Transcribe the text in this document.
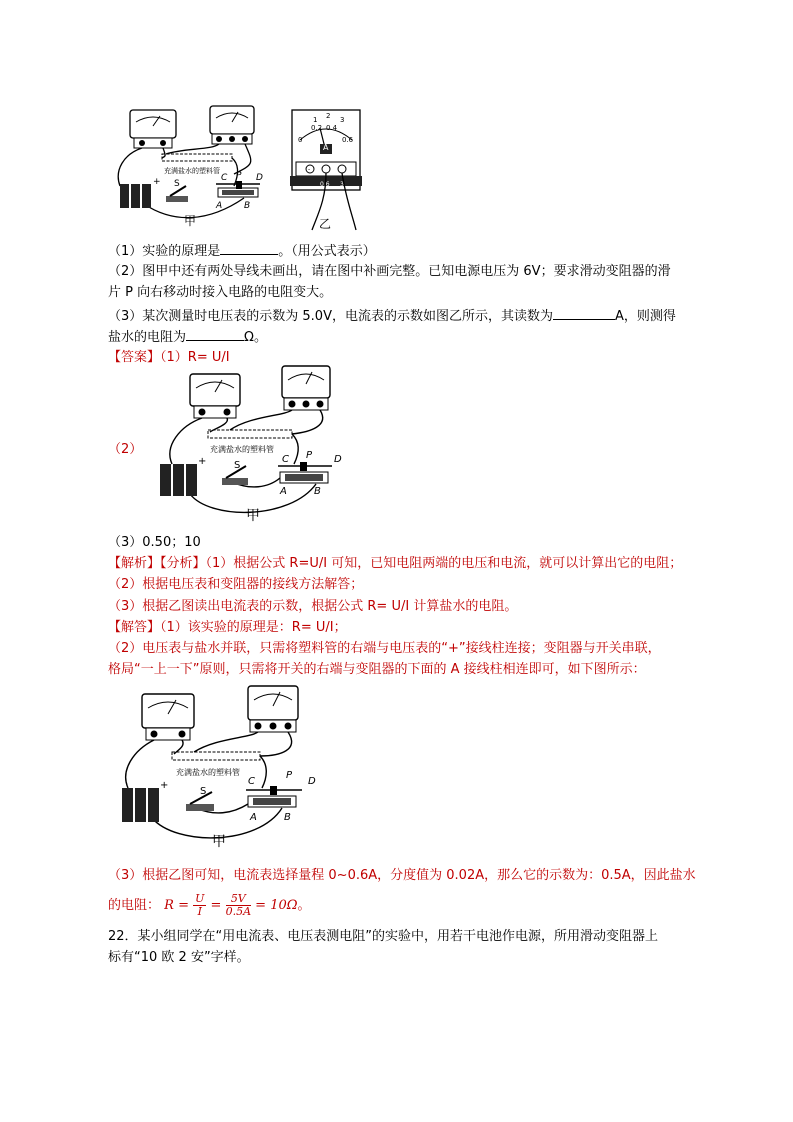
充满盐水的塑料管
+ S
P
C	D
A B
甲
0
0.2 0.4
0.6
1 2 3
A
-
0.6 3
乙
（1）实验的原理是	。（用公式表示）
（2）图甲中还有两处导线未画出，请在图中补画完整。已知电源电压为 6V；要求滑动变阻器的滑
片 P 向右移动时接入电路的电阻变大。
（3）某次测量时电压表的示数为 5.0V，电流表的示数如图乙所示，其读数为	A，则测得
盐水的电阻为	Ω。
【答案】（1）R= U/I
（2）	充满盐水的塑料管
+	S
P
C	D
A	B
甲
（3）0.50；10
【解析】【分析】（1）根据公式 R=U/I 可知，已知电阻两端的电压和电流，就可以计算出它的电阻；
（2）根据电压表和变阻器的接线方法解答；
（3）根据乙图读出电流表的示数，根据公式 R= U/I 计算盐水的电阻。
【解答】（1）该实验的原理是：R= U/I；
（2）电压表与盐水并联，只需将塑料管的右端与电压表的“+”接线柱连接；变阻器与开关串联，
格局“一上一下”原则，只需将开关的右端与变阻器的下面的 A 接线柱相连即可，如下图所示：
充满盐水的塑料管
+
S
P
C	D
A	B
甲
（3）根据乙图可知，电流表选择量程 0~0.6A，分度值为 0.02A，那么它的示数为：0.5A，因此盐水
的电阻： $R = \frac{U}{I} = \frac{5V}{0.5A} = 10\Omega$。
22．某小组同学在“用电流表、电压表测电阻”的实验中，用若干电池作电源，所用滑动变阻器上
标有“10 欧 2 安”字样。
